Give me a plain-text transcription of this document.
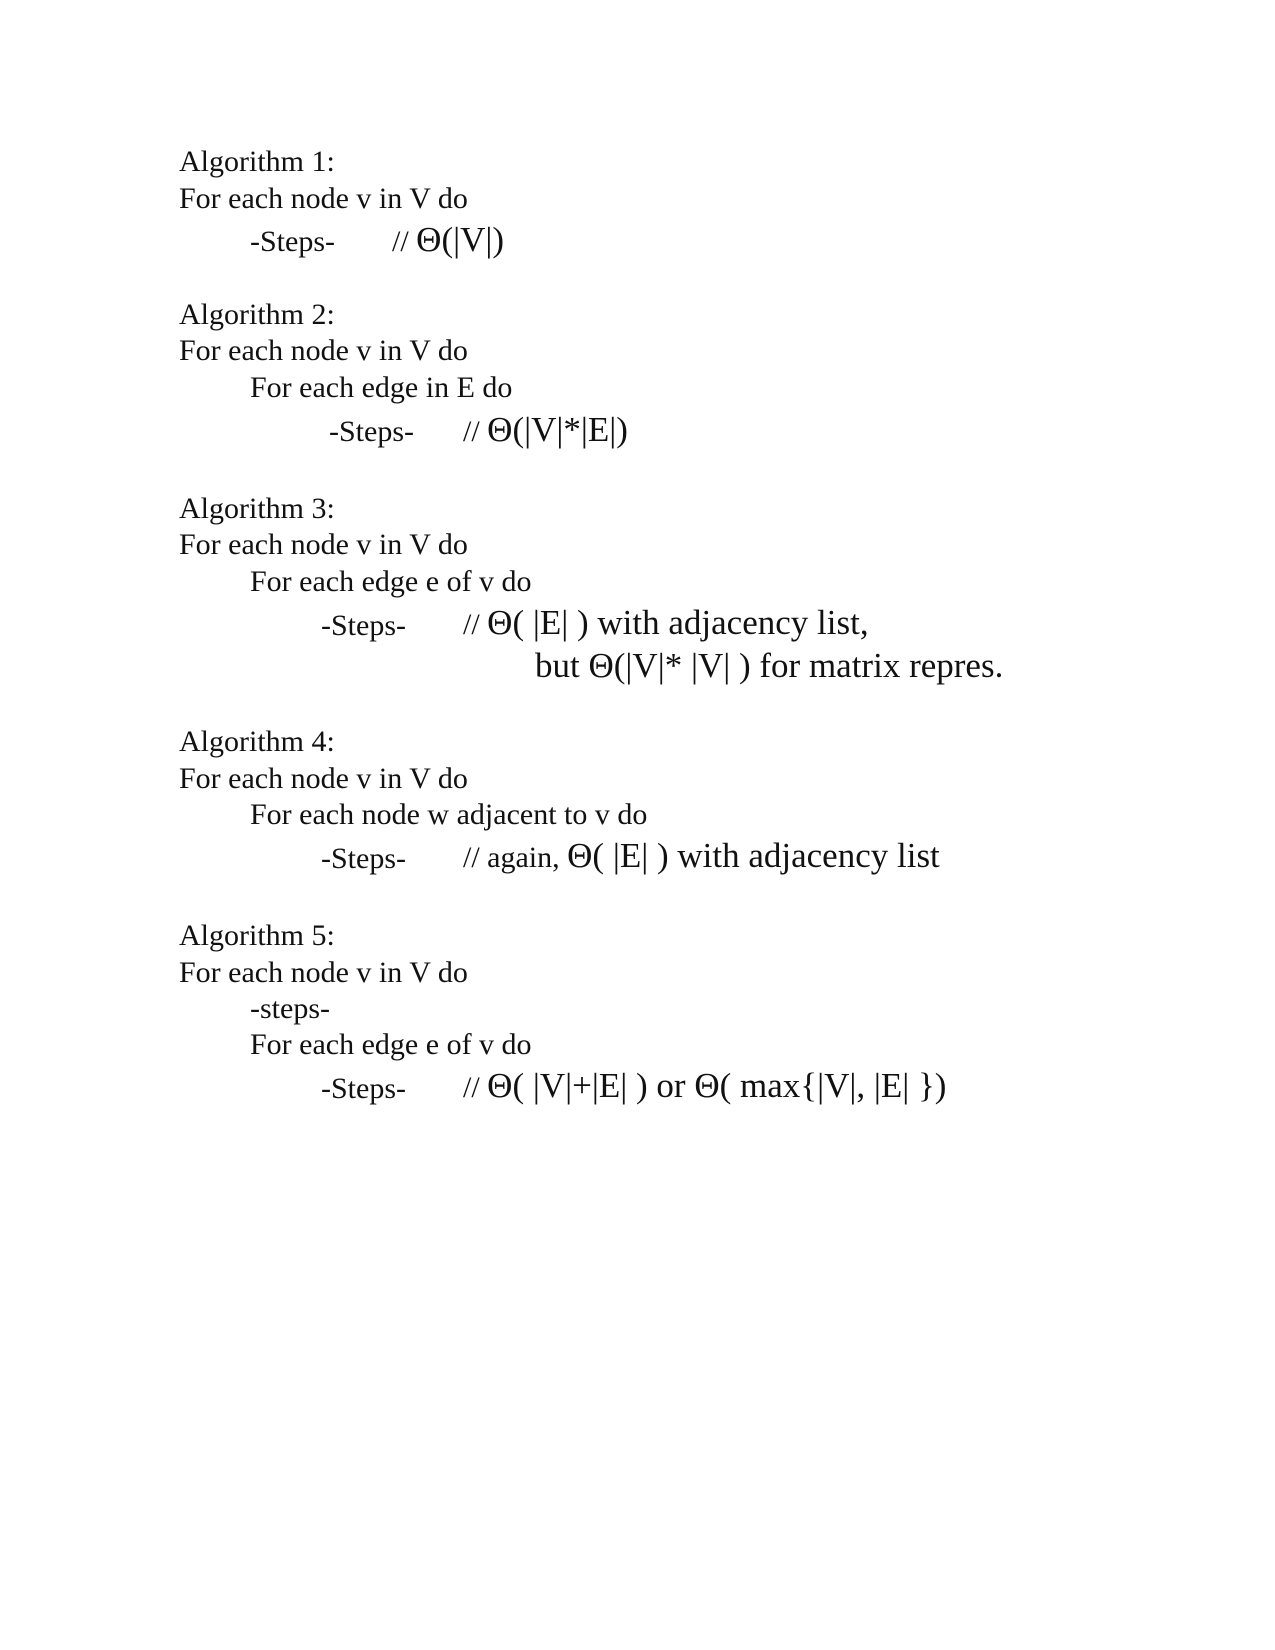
Algorithm 1:
For each node v in V do
-Steps- // Θ(|V|)
Algorithm 2:
For each node v in V do
For each edge in E do
-Steps- // Θ(|V|*|E|)
Algorithm 3:
For each node v in V do
For each edge e of v do
-Steps- // Θ( |E| ) with adjacency list,
but Θ(|V|* |V| ) for matrix repres.
Algorithm 4:
For each node v in V do
For each node w adjacent to v do
-Steps- // again, Θ( |E| ) with adjacency list
Algorithm 5:
For each node v in V do
-steps-
For each edge e of v do
-Steps- // Θ( |V|+|E| ) or Θ( max{|V|, |E| })
